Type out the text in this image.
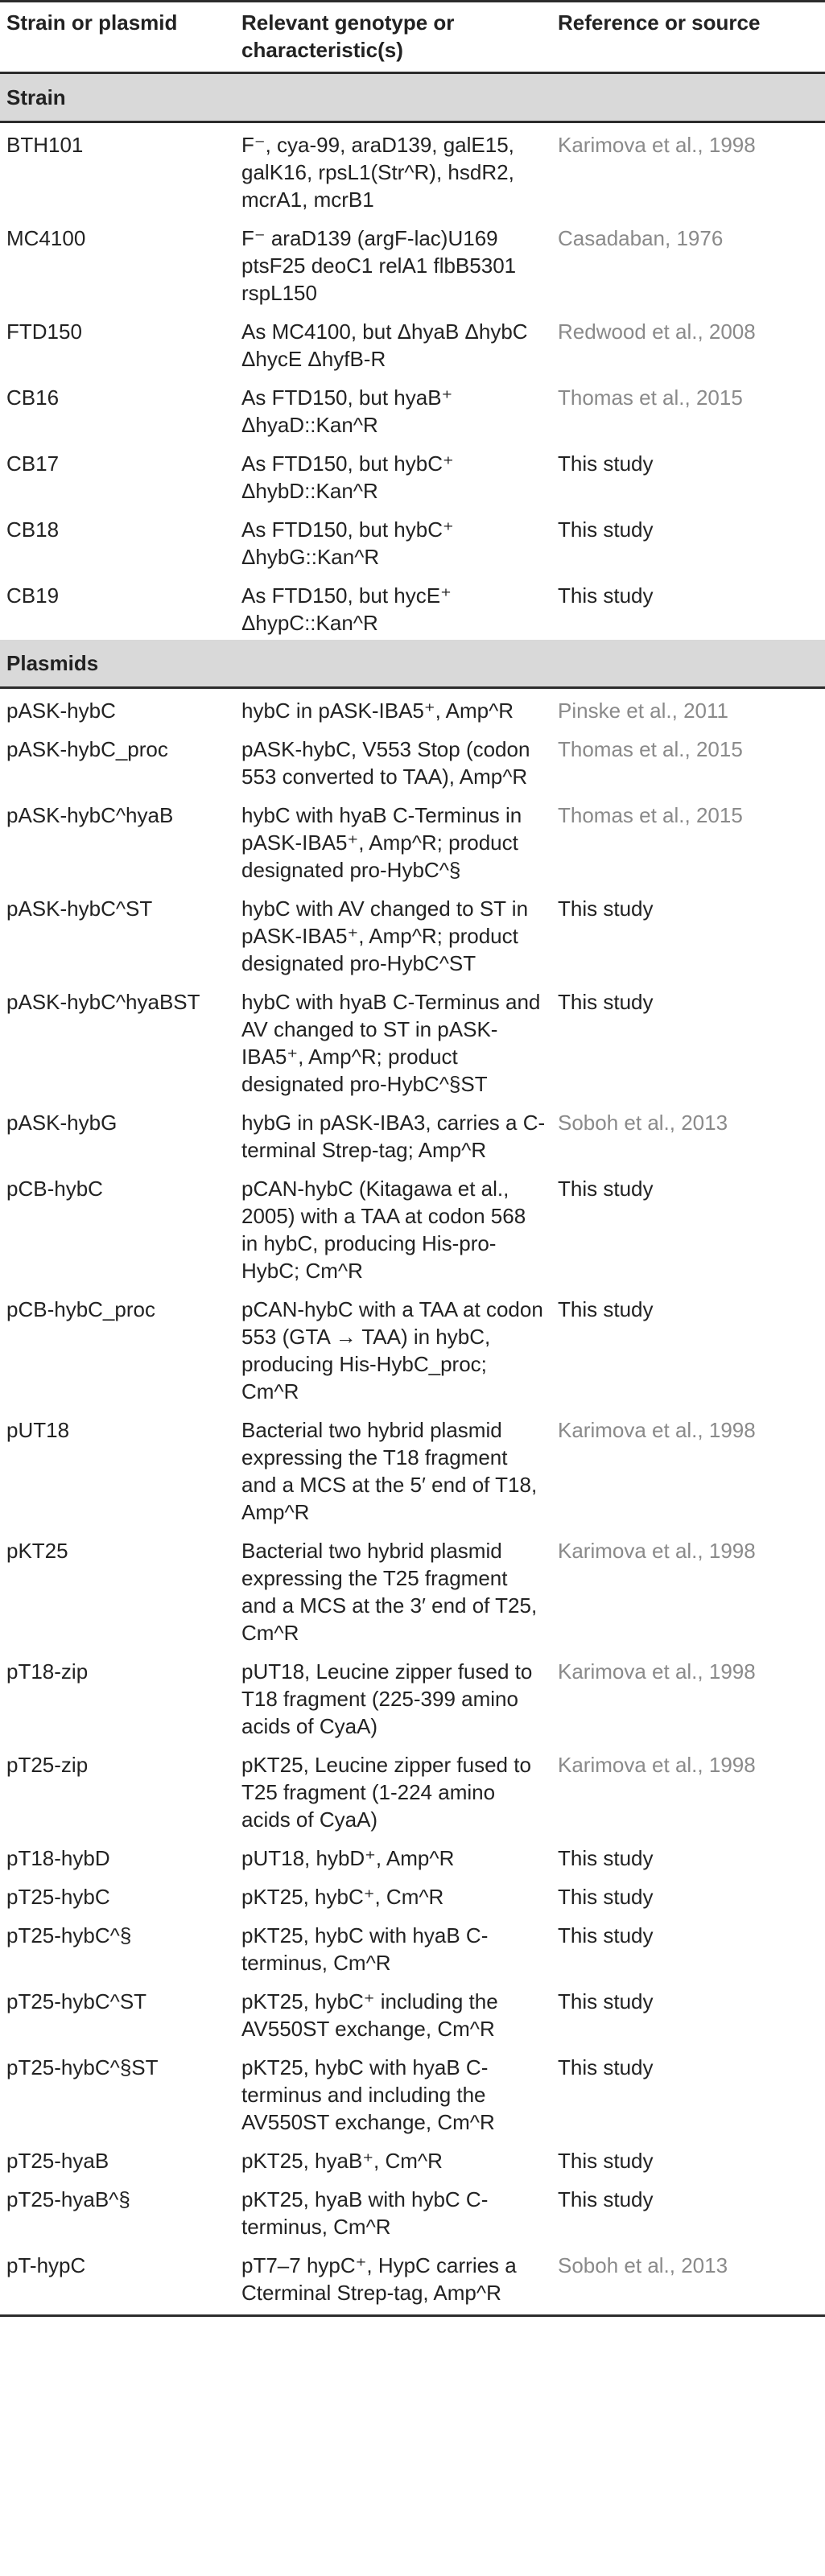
Strain or plasmid	Relevant genotype or characteristic(s)	Reference or source
Strain		
BTH101	F⁻, cya-99, araD139, galE15, galK16, rpsL1(Str^R), hsdR2, mcrA1, mcrB1	Karimova et al., 1998
MC4100	F⁻ araD139 (argF-lac)U169 ptsF25 deoC1 relA1 flbB5301 rspL150	Casadaban, 1976
FTD150	As MC4100, but ΔhyaB ΔhybC ΔhycE ΔhyfB-R	Redwood et al., 2008
CB16	As FTD150, but hyaB⁺ ΔhyaD::Kan^R	Thomas et al., 2015
CB17	As FTD150, but hybC⁺ ΔhybD::Kan^R	This study
CB18	As FTD150, but hybC⁺ ΔhybG::Kan^R	This study
CB19	As FTD150, but hycE⁺ ΔhypC::Kan^R	This study
Plasmids		
pASK-hybC	hybC in pASK-IBA5⁺, Amp^R	Pinske et al., 2011
pASK-hybC_proc	pASK-hybC, V553 Stop (codon 553 converted to TAA), Amp^R	Thomas et al., 2015
pASK-hybC^hyaB	hybC with hyaB C-Terminus in pASK-IBA5⁺, Amp^R; product designated pro-HybC^§	Thomas et al., 2015
pASK-hybC^ST	hybC with AV changed to ST in pASK-IBA5⁺, Amp^R; product designated pro-HybC^ST	This study
pASK-hybC^hyaBST	hybC with hyaB C-Terminus and AV changed to ST in pASK-IBA5⁺, Amp^R; product designated pro-HybC^§ST	This study
pASK-hybG	hybG in pASK-IBA3, carries a C-terminal Strep-tag; Amp^R	Soboh et al., 2013
pCB-hybC	pCAN-hybC (Kitagawa et al., 2005) with a TAA at codon 568 in hybC, producing His-pro-HybC; Cm^R	This study
pCB-hybC_proc	pCAN-hybC with a TAA at codon 553 (GTA → TAA) in hybC, producing His-HybC_proc; Cm^R	This study
pUT18	Bacterial two hybrid plasmid expressing the T18 fragment and a MCS at the 5′ end of T18, Amp^R	Karimova et al., 1998
pKT25	Bacterial two hybrid plasmid expressing the T25 fragment and a MCS at the 3′ end of T25, Cm^R	Karimova et al., 1998
pT18-zip	pUT18, Leucine zipper fused to T18 fragment (225-399 amino acids of CyaA)	Karimova et al., 1998
pT25-zip	pKT25, Leucine zipper fused to T25 fragment (1-224 amino acids of CyaA)	Karimova et al., 1998
pT18-hybD	pUT18, hybD⁺, Amp^R	This study
pT25-hybC	pKT25, hybC⁺, Cm^R	This study
pT25-hybC^§	pKT25, hybC with hyaB C-terminus, Cm^R	This study
pT25-hybC^ST	pKT25, hybC⁺ including the AV550ST exchange, Cm^R	This study
pT25-hybC^§ST	pKT25, hybC with hyaB C-terminus and including the AV550ST exchange, Cm^R	This study
pT25-hyaB	pKT25, hyaB⁺, Cm^R	This study
pT25-hyaB^§	pKT25, hyaB with hybC C-terminus, Cm^R	This study
pT-hypC	pT7–7 hypC⁺, HypC carries a Cterminal Strep-tag, Amp^R	Soboh et al., 2013
